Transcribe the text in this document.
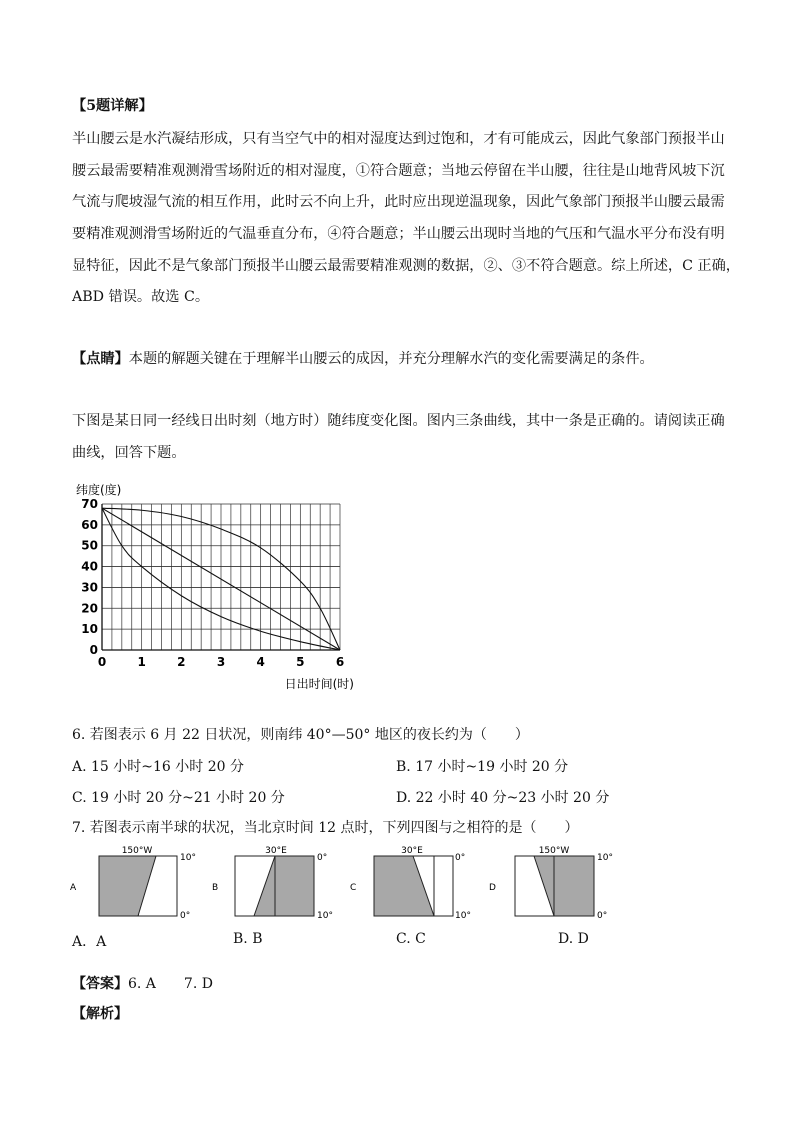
【5题详解】
半山腰云是水汽凝结形成，只有当空气中的相对湿度达到过饱和，才有可能成云，因此气象部门预报半山
腰云最需要精准观测滑雪场附近的相对湿度，①符合题意；当地云停留在半山腰，往往是山地背风坡下沉
气流与爬坡湿气流的相互作用，此时云不向上升，此时应出现逆温现象，因此气象部门预报半山腰云最需
要精准观测滑雪场附近的气温垂直分布，④符合题意；半山腰云出现时当地的气压和气温水平分布没有明
显特征，因此不是气象部门预报半山腰云最需要精准观测的数据，②、③不符合题意。综上所述，C 正确，
ABD 错误。故选 C。
【点睛】本题的解题关键在于理解半山腰云的成因，并充分理解水汽的变化需要满足的条件。
下图是某日同一经线日出时刻（地方时）随纬度变化图。图内三条曲线，其中一条是正确的。请阅读正确
曲线，回答下题。
0
10
20
30
40
50
60
70
0	1	2	3	4	5	6
纬度(度)
日出时间(时)
6. 若图表示 6 月 22 日状况，则南纬 40°—50° 地区的夜长约为（　　）
A. 15 小时~16 小时 20 分	B. 17 小时~19 小时 20 分
C. 19 小时 20 分~21 小时 20 分	D. 22 小时 40 分~23 小时 20 分
7. 若图表示南半球的状况，当北京时间 12 点时，下列四图与之相符的是（　　）
A
150°W
10°
0°
B
30°E
0°
10°
C
30°E
0°
10°
D
150°W
10°
0°
A．A	B. B	C. C	D. D
【答案】6. A　　7. D
【解析】
